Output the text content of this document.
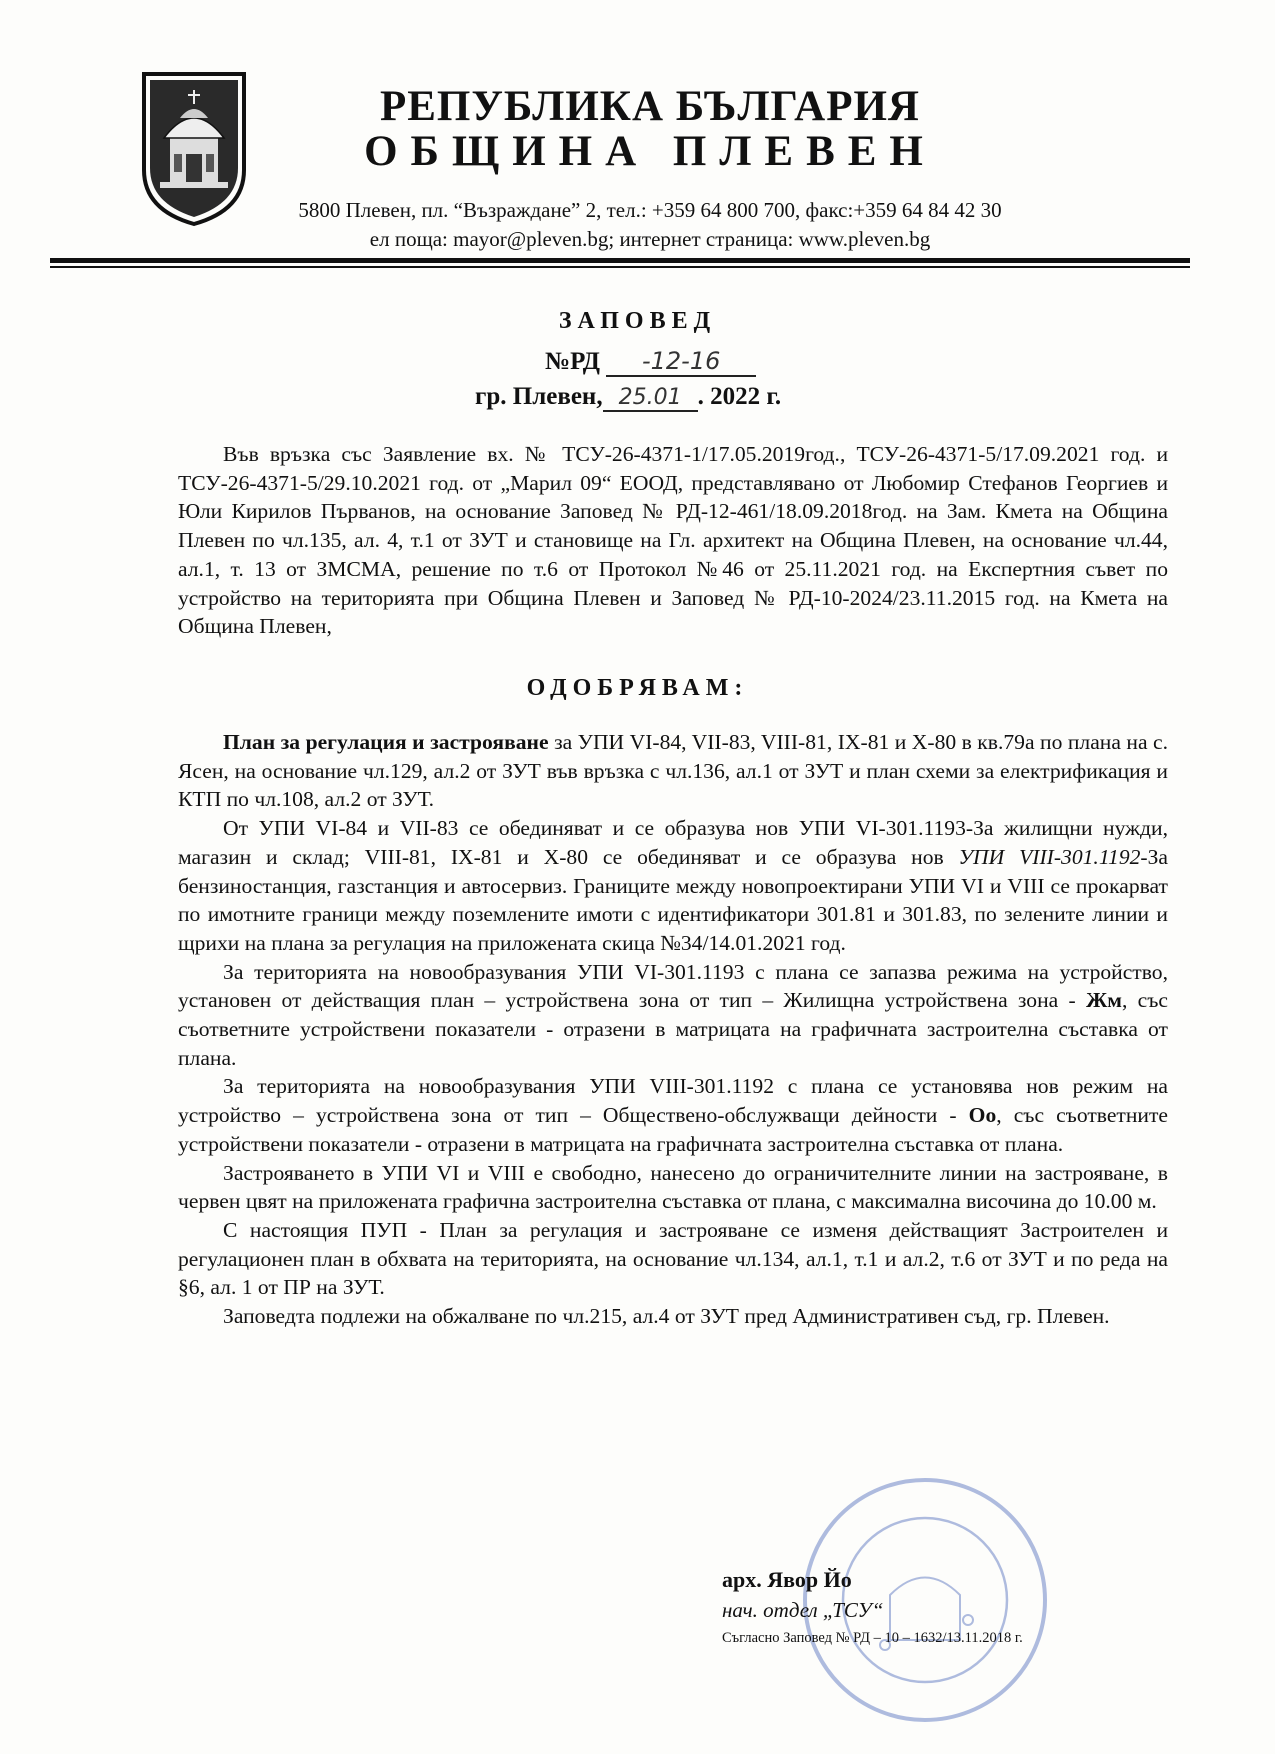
РЕПУБЛИКА БЪЛГАРИЯ
ОБЩИНА ПЛЕВЕН
5800 Плевен, пл. “Възраждане” 2, тел.: +359 64 800 700, факс:+359 64 84 42 30
ел поща: mayor@pleven.bg; интернет страница: www.pleven.bg
ЗАПОВЕД
№РД -12-16
гр. Плевен, 25.01 . 2022 г.

Във връзка със Заявление вх. № ТСУ-26-4371-1/17.05.2019год., ТСУ-26-4371-5/17.09.2021 год. и ТСУ-26-4371-5/29.10.2021 год. от „Марил 09“ ЕООД, представлявано от Любомир Стефанов Георгиев и Юли Кирилов Първанов, на основание Заповед № РД-12-461/18.09.2018год. на Зам. Кмета на Община Плевен по чл.135, ал. 4, т.1 от ЗУТ и становище на Гл. архитект на Община Плевен, на основание чл.44, ал.1, т. 13 от ЗМСМА, решение по т.6 от Протокол №46 от 25.11.2021 год. на Експертния съвет по устройство на територията при Община Плевен и Заповед № РД-10-2024/23.11.2015 год. на Кмета на Община Плевен,

ОДОБРЯВАМ:

План за регулация и застрояване за УПИ VI-84, VII-83, VIII-81, IX-81 и X-80 в кв.79а по плана на с. Ясен, на основание чл.129, ал.2 от ЗУТ във връзка с чл.136, ал.1 от ЗУТ и план схеми за електрификация и КТП по чл.108, ал.2 от ЗУТ.

От УПИ VI-84 и VII-83 се обединяват и се образува нов УПИ VI-301.1193-За жилищни нужди, магазин и склад; VIII-81, IX-81 и X-80 се обединяват и се образува нов УПИ VIII-301.1192-За бензиностанция, газстанция и автосервиз. Границите между новопроектирани УПИ VI и VIII се прокарват по имотните граници между поземлените имоти с идентификатори 301.81 и 301.83, по зелените линии и щрихи на плана за регулация на приложената скица №34/14.01.2021 год.

За територията на новообразувания УПИ VI-301.1193 с плана се запазва режима на устройство, установен от действащия план – устройствена зона от тип – Жилищна устройствена зона - Жм, със съответните устройствени показатели - отразени в матрицата на графичната застроителна съставка от плана.

За територията на новообразувания УПИ VIII-301.1192 с плана се установява нов режим на устройство – устройствена зона от тип – Обществено-обслужващи дейности - Оо, със съответните устройствени показатели - отразени в матрицата на графичната застроителна съставка от плана.

Застрояването в УПИ VI и VIII е свободно, нанесено до ограничителните линии на застрояване, в червен цвят на приложената графична застроителна съставка от плана, с максимална височина до 10.00 м.

С настоящия ПУП - План за регулация и застрояване се изменя действащият Застроителен и регулационен план в обхвата на територията, на основание чл.134, ал.1, т.1 и ал.2, т.6 от ЗУТ и по реда на §6, ал. 1 от ПР на ЗУТ.

Заповедта подлежи на обжалване по чл.215, ал.4 от ЗУТ пред Административен съд, гр. Плевен.

арх. Явор Йо
нач. отдел „ТСУ“
Съгласно Заповед № РД – 10 – 1632/13.11.2018 г.
